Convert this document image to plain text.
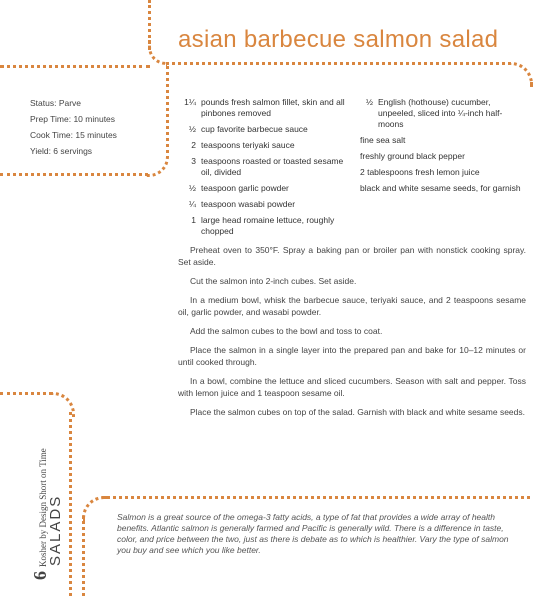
asian barbecue salmon salad
Status: Parve
Prep Time: 10 minutes
Cook Time: 15 minutes
Yield: 6 servings
1¼ pounds fresh salmon fillet, skin and all pinbones removed
½ cup favorite barbecue sauce
2 teaspoons teriyaki sauce
3 teaspoons roasted or toasted sesame oil, divided
½ teaspoon garlic powder
¼ teaspoon wasabi powder
1 large head romaine lettuce, roughly chopped
½ English (hothouse) cucumber, unpeeled, sliced into ¼-inch half-moons
fine sea salt
freshly ground black pepper
2 tablespoons fresh lemon juice
black and white sesame seeds, for garnish

Preheat oven to 350°F. Spray a baking pan or broiler pan with nonstick cooking spray. Set aside.

Cut the salmon into 2-inch cubes. Set aside.

In a medium bowl, whisk the barbecue sauce, teriyaki sauce, and 2 teaspoons sesame oil, garlic powder, and wasabi powder.

Add the salmon cubes to the bowl and toss to coat.

Place the salmon in a single layer into the prepared pan and bake for 10–12 minutes or until cooked through.

In a bowl, combine the lettuce and sliced cucumbers. Season with salt and pepper. Toss with lemon juice and 1 teaspoon sesame oil.

Place the salmon cubes on top of the salad. Garnish with black and white sesame seeds.

6Kosher by Design Short on Time SALADS	Salmon is a great source of the omega-3 fatty acids, a type of fat that provides a wide array of health benefits. Atlantic salmon is generally farmed and Pacific is generally wild. There is a difference in taste, color, and price between the two, just as there is debate as to which is healthier. Vary the type of salmon you buy and see which you like better.
